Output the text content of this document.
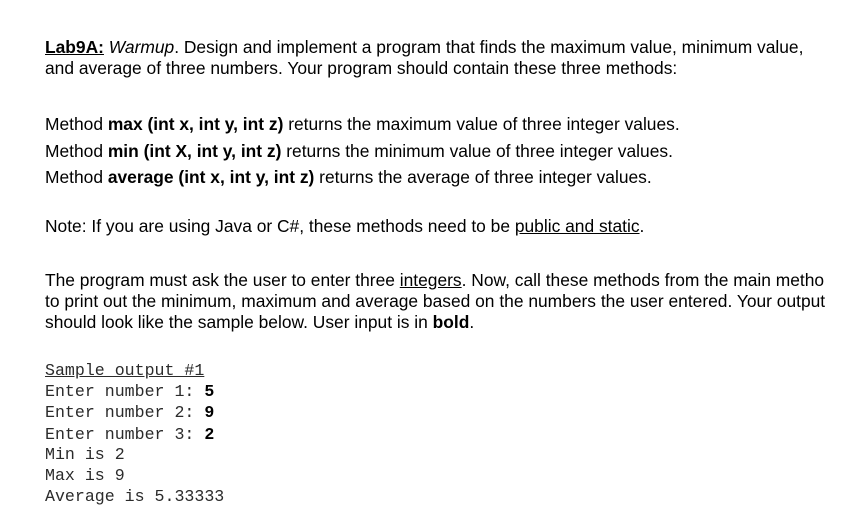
Lab9A: Warmup. Design and implement a program that finds the maximum value, minimum value,
and average of three numbers. Your program should contain these three methods:
Method max (int x, int y, int z) returns the maximum value of three integer values.
Method min (int X, int y, int z) returns the minimum value of three integer values.
Method average (int x, int y, int z) returns the average of three integer values.
Note: If you are using Java or C#, these methods need to be public and static.
The program must ask the user to enter three integers. Now, call these methods from the main metho
to print out the minimum, maximum and average based on the numbers the user entered. Your output
should look like the sample below. User input is in bold.
Sample output #1
Enter number 1: 5
Enter number 2: 9
Enter number 3: 2
Min is 2
Max is 9
Average is 5.33333
